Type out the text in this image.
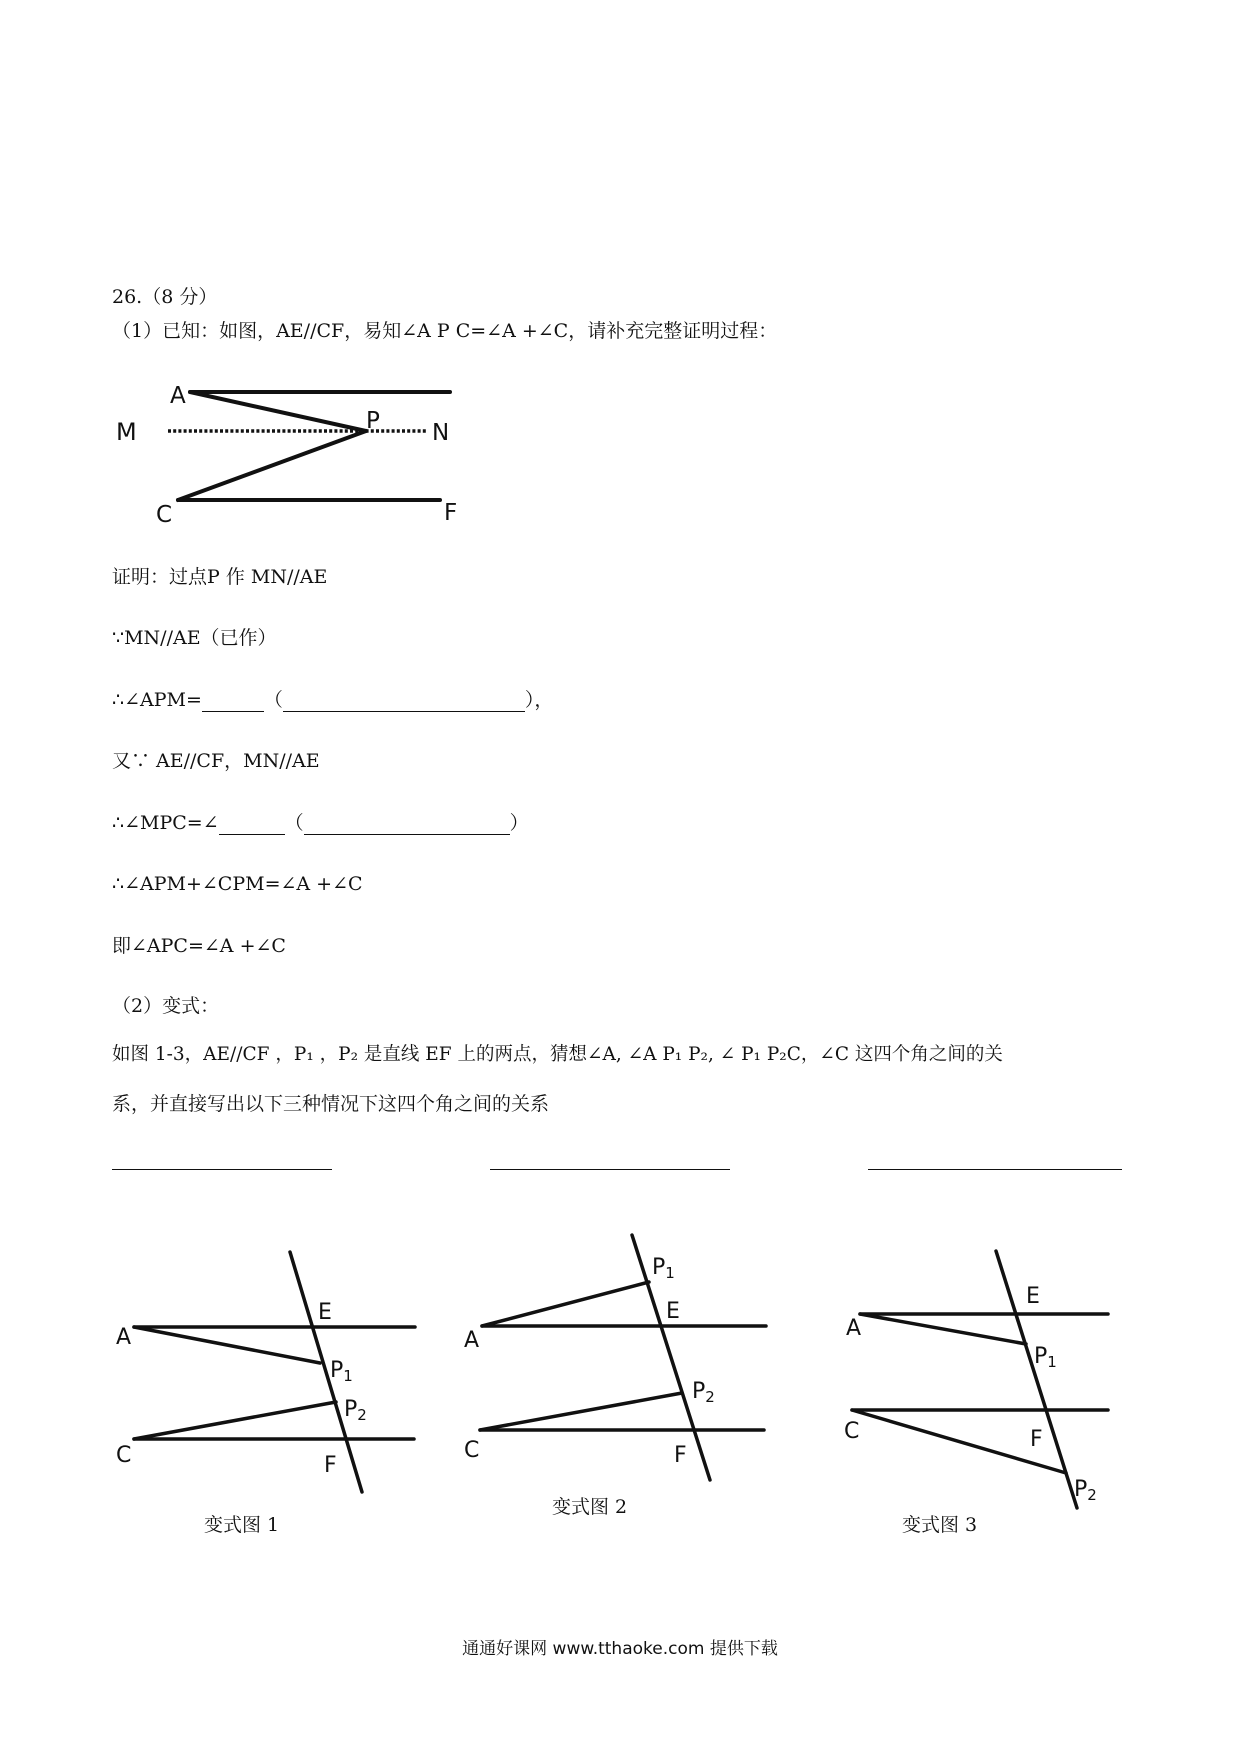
26.（8 分）
（1）已知：如图，AE//CF，易知∠A P C=∠A +∠C，请补充完整证明过程：
A
M	P N
C	F
证明：过点P 作 MN//AE
∵MN//AE（已作）
∴∠APM=	（	），
又∵ AE//CF，MN//AE
∴∠MPC=∠	（	）
∴∠APM+∠CPM=∠A +∠C
即∠APC=∠A +∠C
（2）变式：
如图 1-3，AE//CF ，P₁ ，P₂ 是直线 EF 上的两点，猜想∠A, ∠A P₁ P₂, ∠ P₁ P₂C，∠C 这四个角之间的关
系，并直接写出以下三种情况下这四个角之间的关系
A
E
P1
P2
C	F
P1
E
A
P2
C	F
E
A
P1
C	F
P2
变式图 1
变式图 2
变式图 3
通通好课网 www.tthaoke.com 提供下载
